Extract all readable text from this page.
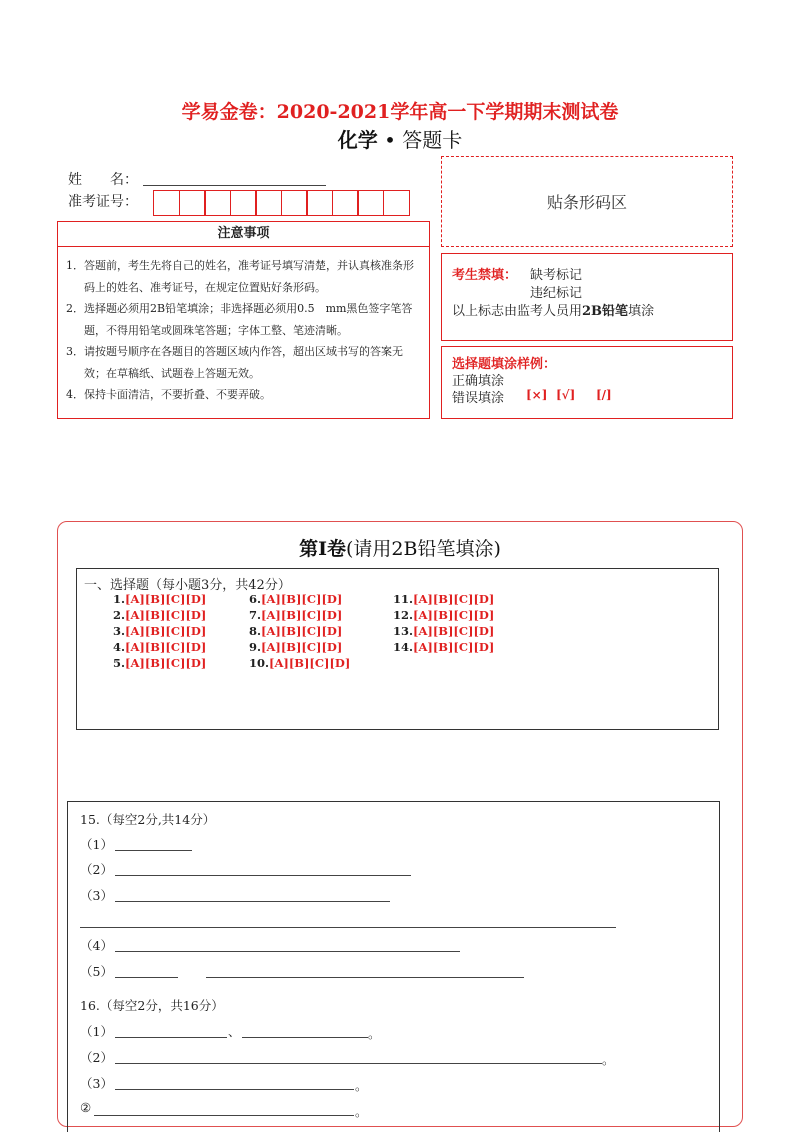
学易金卷：2020-2021学年高一下学期期末测试卷
化学 • 答题卡
姓　　名：
准考证号：	贴条形码区
注意事项
1． 答题前，考生先将自己的姓名，准考证号填写清楚，并认真核准条形码上的姓名、准考证号，在规定位置贴好条形码。
2． 选择题必须用2B铅笔填涂；非选择题必须用0.5　mm黑色签字笔答题，不得用铅笔或圆珠笔答题；字体工整、笔迹清晰。
3． 请按题号顺序在各题目的答题区域内作答，超出区域书写的答案无效；在草稿纸、试题卷上答题无效。
4． 保持卡面清洁，不要折叠、不要弄破。
考生禁填： 缺考标记
违纪标记
以上标志由监考人员用2B铅笔填涂
选择题填涂样例：
正确填涂
错误填涂 [×] [√] [/]
第Ⅰ卷(请用2B铅笔填涂)
一、选择题（每小题3分，共42分）
1.[A][B][C][D]
2.[A][B][C][D]
3.[A][B][C][D]
4.[A][B][C][D]
5.[A][B][C][D]
6.[A][B][C][D]
7.[A][B][C][D]
8.[A][B][C][D]
9.[A][B][C][D]
10.[A][B][C][D]
11.[A][B][C][D]
12.[A][B][C][D]
13.[A][B][C][D]
14.[A][B][C][D]
15.（每空2分,共14分）
（1）
（2）
（3）
（4）
（5）
16.（每空2分，共16分）
（1）	、	。
（2）	。
（3）	。
②	。
